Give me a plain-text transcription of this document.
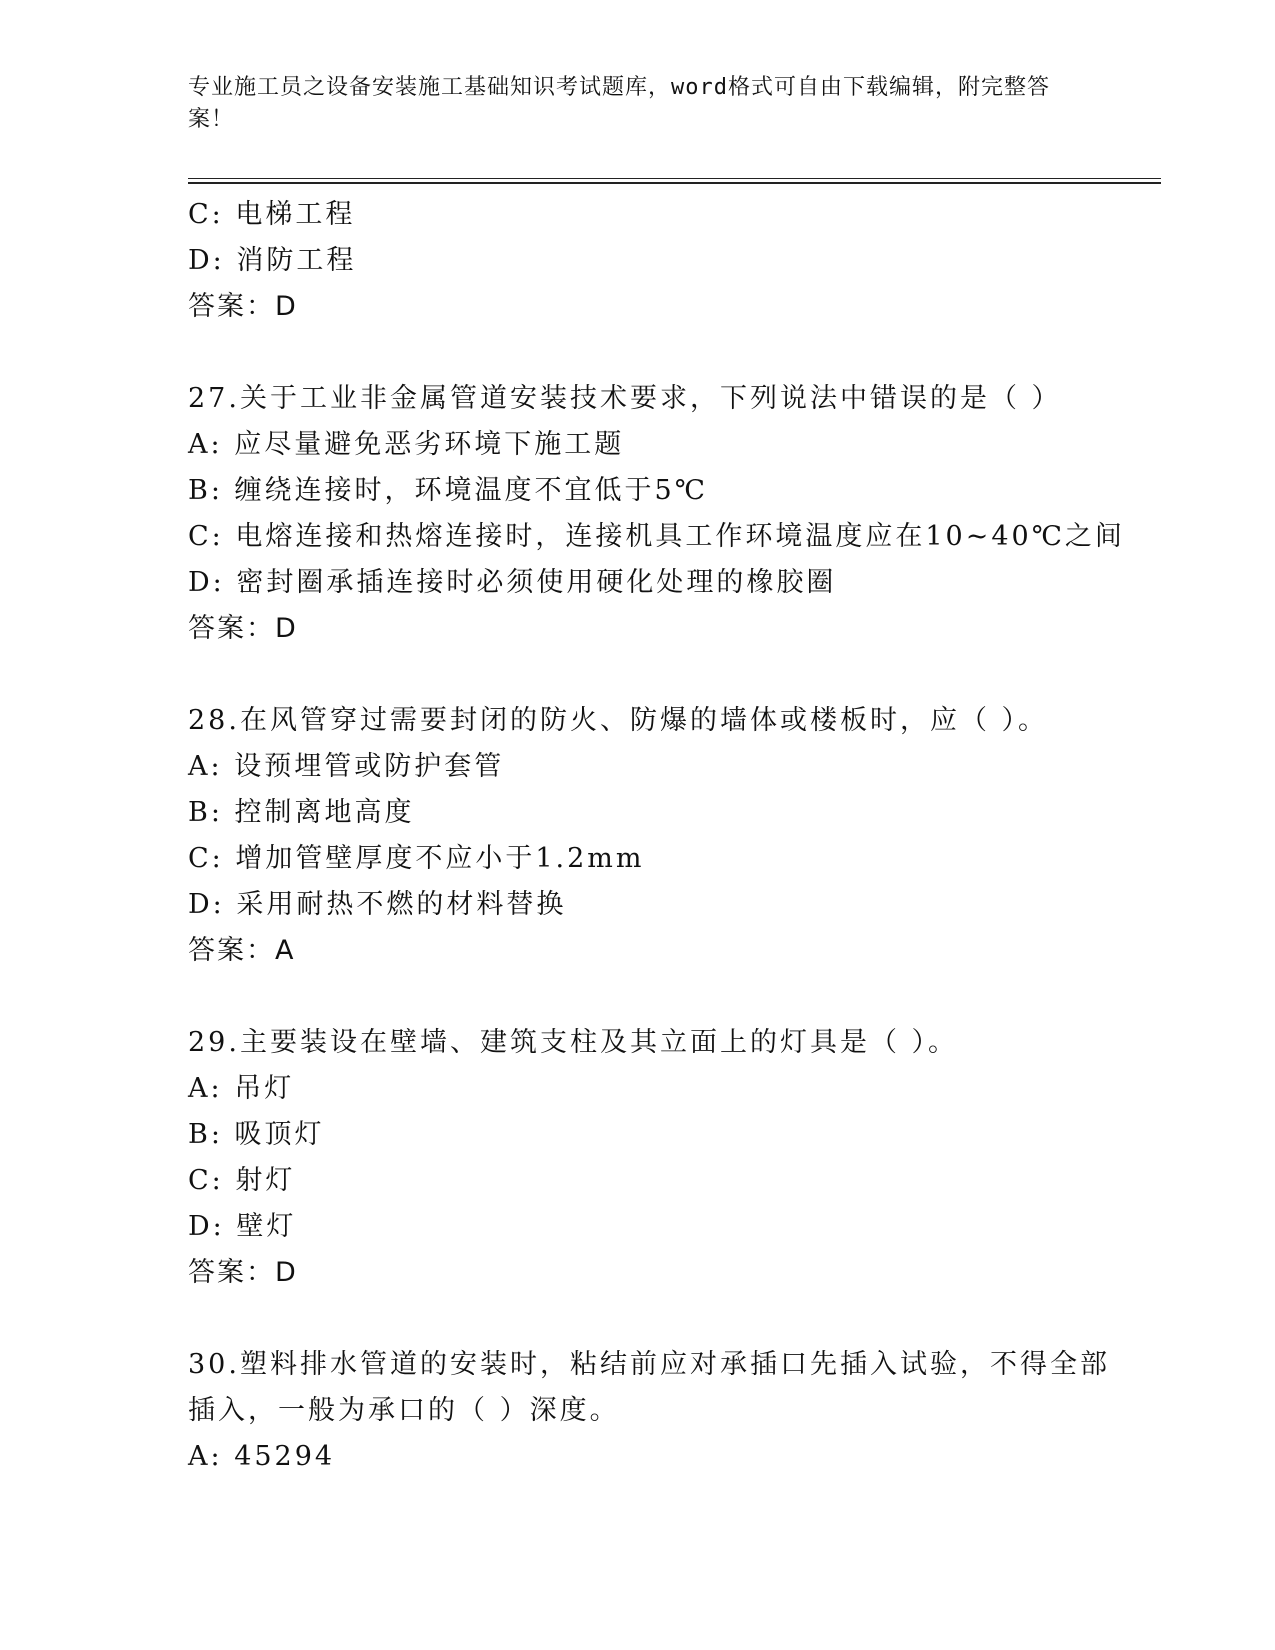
专业施工员之设备安装施工基础知识考试题库，word格式可自由下载编辑，附完整答案！
C: 电梯工程
D: 消防工程
答案：D
27.关于工业非金属管道安装技术要求，下列说法中错误的是（ ）
A: 应尽量避免恶劣环境下施工题
B: 缠绕连接时，环境温度不宜低于5℃
C: 电熔连接和热熔连接时，连接机具工作环境温度应在10~40℃之间
D: 密封圈承插连接时必须使用硬化处理的橡胶圈
答案：D
28.在风管穿过需要封闭的防火、防爆的墙体或楼板时，应（ ）。
A: 设预埋管或防护套管
B: 控制离地高度
C: 增加管壁厚度不应小于1.2mm
D: 采用耐热不燃的材料替换
答案：A
29.主要装设在壁墙、建筑支柱及其立面上的灯具是（ ）。
A: 吊灯
B: 吸顶灯
C: 射灯
D: 壁灯
答案：D
30.塑料排水管道的安装时，粘结前应对承插口先插入试验，不得全部
插入，一般为承口的（ ）深度。
A: 45294
